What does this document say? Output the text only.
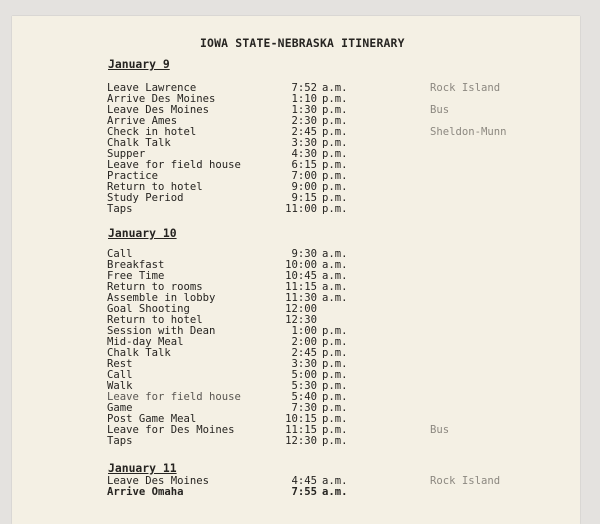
IOWA STATE-NEBRASKA ITINERARY
January 9
Leave Lawrence	7:52 a.m.	Rock Island
Arrive Des Moines	1:10 p.m.
Leave Des Moines	1:30 p.m.	Bus
Arrive Ames	2:30 p.m.
Check in hotel	2:45 p.m.	Sheldon-Munn
Chalk Talk	3:30 p.m.
Supper	4:30 p.m.
Leave for field house	6:15 p.m.
Practice	7:00 p.m.
Return to hotel	9:00 p.m.
Study Period	9:15 p.m.
Taps	11:00 p.m.
January 10
Call	9:30 a.m.
Breakfast	10:00 a.m.
Free Time	10:45 a.m.
Return to rooms	11:15 a.m.
Assemble in lobby	11:30 a.m.
Goal Shooting	12:00
Return to hotel	12:30
Session with Dean	1:00 p.m.
Mid-day Meal	2:00 p.m.
Chalk Talk	2:45 p.m.
Rest	3:30 p.m.
Call	5:00 p.m.
Walk	5:30 p.m.
Leave for field house	5:40 p.m.
Game	7:30 p.m.
Post Game Meal	10:15 p.m.
Leave for Des Moines	11:15 p.m.	Bus
Taps	12:30 p.m.
January 11
Leave Des Moines	4:45 a.m.	Rock Island
Arrive Omaha	7:55 a.m.
